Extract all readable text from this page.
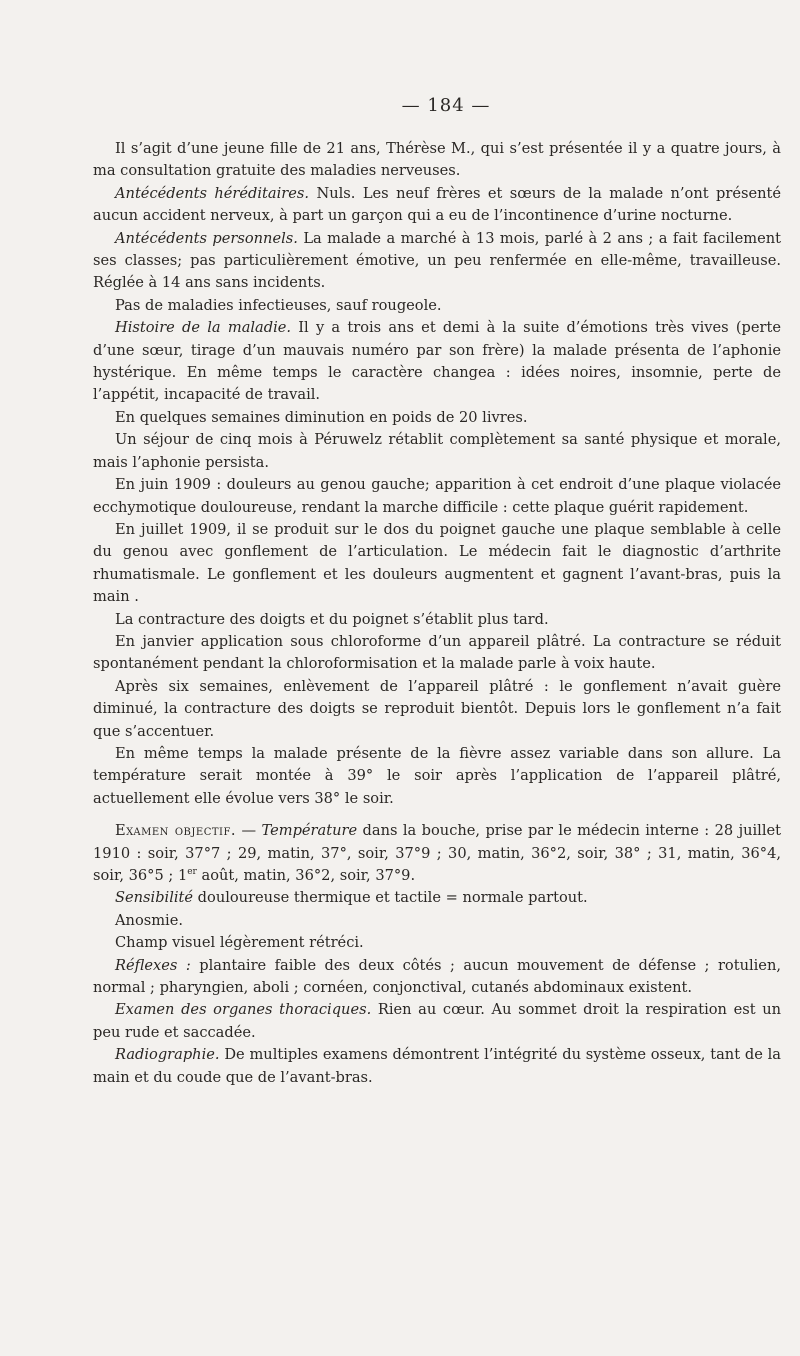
— 184 —

Il s’agit d’une jeune fille de 21 ans, Thérèse M., qui s’est présentée il y a quatre jours, à ma consultation gratuite des maladies nerveuses.

Antécédents héréditaires. Nuls. Les neuf frères et sœurs de la malade n’ont présenté aucun accident nerveux, à part un garçon qui a eu de l’incontinence d’urine nocturne.

Antécédents personnels. La malade a marché à 13 mois, parlé à 2 ans ; a fait facilement ses classes; pas particulièrement émotive, un peu renfermée en elle-même, travailleuse. Réglée à 14 ans sans incidents.

Pas de maladies infectieuses, sauf rougeole.

Histoire de la maladie. Il y a trois ans et demi à la suite d’émotions très vives (perte d’une sœur, tirage d’un mauvais numéro par son frère) la malade présenta de l’aphonie hystérique. En même temps le caractère changea : idées noires, insomnie, perte de l’appétit, incapacité de travail.

En quelques semaines diminution en poids de 20 livres.

Un séjour de cinq mois à Péruwelz rétablit complètement sa santé physique et morale, mais l’aphonie persista.

En juin 1909 : douleurs au genou gauche; apparition à cet endroit d’une plaque violacée ecchymotique douloureuse, rendant la marche difficile : cette plaque guérit rapidement.

En juillet 1909, il se produit sur le dos du poignet gauche une plaque semblable à celle du genou avec gonflement de l’articulation. Le médecin fait le diagnostic d’arthrite rhumatismale. Le gonflement et les douleurs augmentent et gagnent l’avant-bras, puis la main .

La contracture des doigts et du poignet s’établit plus tard.

En janvier application sous chloroforme d’un appareil plâtré. La contracture se réduit spontanément pendant la chloroformisation et la malade parle à voix haute.

Après six semaines, enlèvement de l’appareil plâtré : le gonflement n’avait guère diminué, la contracture des doigts se reproduit bientôt. Depuis lors le gonflement n’a fait que s’accentuer.

En même temps la malade présente de la fièvre assez variable dans son allure. La température serait montée à 39° le soir après l’application de l’appareil plâtré, actuellement elle évolue vers 38° le soir.

Examen objectif. — Température dans la bouche, prise par le médecin interne : 28 juillet 1910 : soir, 37°7 ; 29, matin, 37°, soir, 37°9 ; 30, matin, 36°2, soir, 38° ; 31, matin, 36°4, soir, 36°5 ; 1er août, matin, 36°2, soir, 37°9.

Sensibilité douloureuse thermique et tactile = normale partout.

Anosmie.

Champ visuel légèrement rétréci.

Réflexes : plantaire faible des deux côtés ; aucun mouvement de défense ; rotulien, normal ; pharyngien, aboli ; cornéen, conjonctival, cutanés abdominaux existent.

Examen des organes thoraciques. Rien au cœur. Au sommet droit la respiration est un peu rude et saccadée.

Radiographie. De multiples examens démontrent l’intégrité du système osseux, tant de la main et du coude que de l’avant-bras.
